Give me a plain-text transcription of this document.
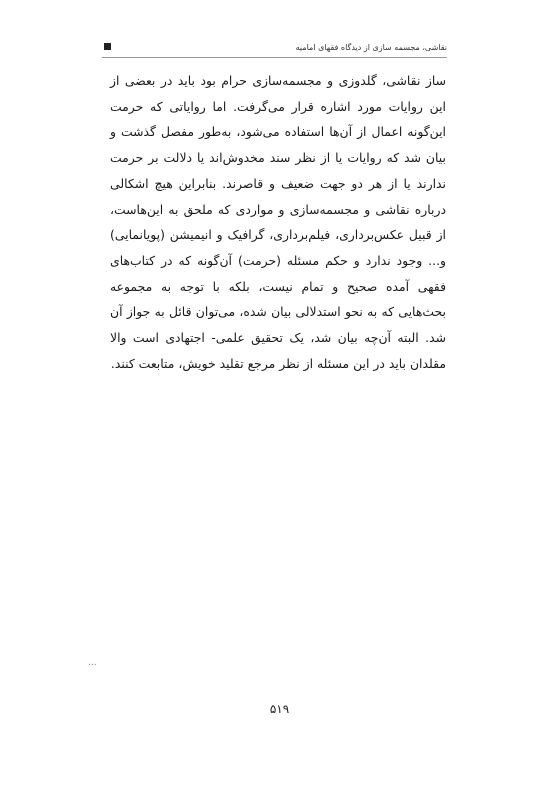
نقاشی، مجسمه سازی از دیدگاه فقهای امامیه

ساز نقاشی، گلدوزی و مجسمه‌سازی حرام بود باید در بعضی از این روایات مورد اشاره قرار می‌گرفت. اما روایاتی که حرمت این‌گونه اعمال از آن‌ها استفاده می‌شود، به‌طور مفصل گذشت و بیان شد که روایات یا از نظر سند مخدوش‌اند یا دلالت بر حرمت ندارند یا از هر دو جهت ضعیف و قاصرند. بنابراین هیچ اشکالی درباره نقاشی و مجسمه‌سازی و مواردی که ملحق به این‌هاست، از قبیل عکس‌برداری، فیلم‌برداری، گرافیک و انیمیشن (پویانمایی) و... وجود ندارد و حکم مسئله (حرمت) آن‌گونه که در کتاب‌های فقهی آمده صحیح و تمام نیست، بلکه با توجه به مجموعه بحث‌هایی که به نحو استدلالی بیان شده، می‌توان قائل به جواز آن شد. البته آن‌چه بیان شد، یک تحقیق علمی- اجتهادی است والا مقلدان باید در این مسئله از نظر مرجع تقلید خویش، متابعت کنند.

...
۵۱۹
